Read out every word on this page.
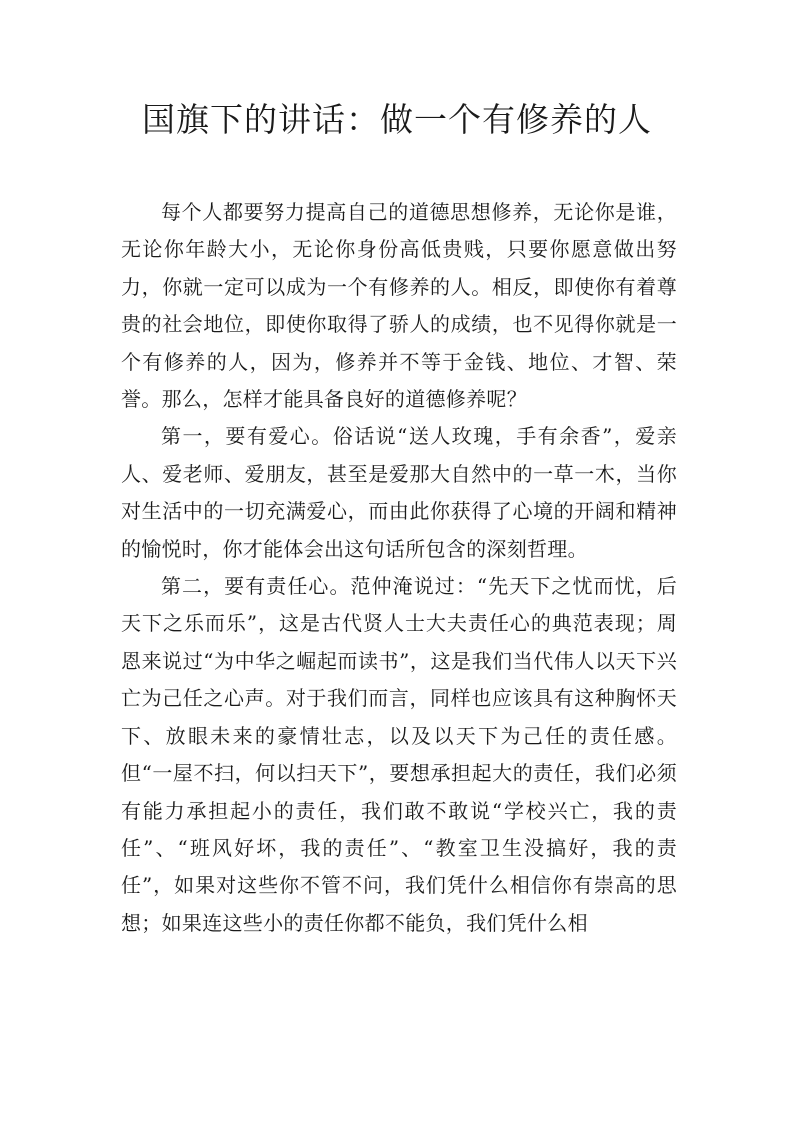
国旗下的讲话：做一个有修养的人

每个人都要努力提高自己的道德思想修养，无论你是谁，无论你年龄大小，无论你身份高低贵贱，只要你愿意做出努力，你就一定可以成为一个有修养的人。相反，即使你有着尊贵的社会地位，即使你取得了骄人的成绩，也不见得你就是一个有修养的人，因为，修养并不等于金钱、地位、才智、荣誉。那么，怎样才能具备良好的道德修养呢？

第一，要有爱心。俗话说“送人玫瑰，手有余香”，爱亲人、爱老师、爱朋友，甚至是爱那大自然中的一草一木，当你对生活中的一切充满爱心，而由此你获得了心境的开阔和精神的愉悦时，你才能体会出这句话所包含的深刻哲理。

第二，要有责任心。范仲淹说过：“先天下之忧而忧，后天下之乐而乐”，这是古代贤人士大夫责任心的典范表现；周恩来说过“为中华之崛起而读书”，这是我们当代伟人以天下兴亡为己任之心声。对于我们而言，同样也应该具有这种胸怀天下、放眼未来的豪情壮志，以及以天下为己任的责任感。但“一屋不扫，何以扫天下”，要想承担起大的责任，我们必须有能力承担起小的责任，我们敢不敢说“学校兴亡，我的责任”、“班风好坏，我的责任”、“教室卫生没搞好，我的责任”，如果对这些你不管不问，我们凭什么相信你有崇高的思想；如果连这些小的责任你都不能负，我们凭什么相
